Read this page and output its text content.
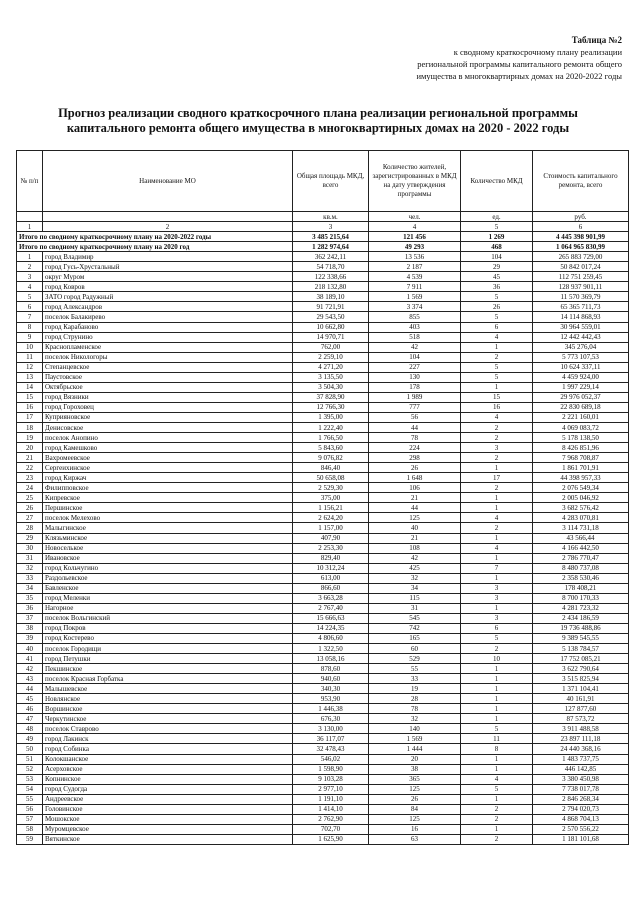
Таблица №2
к сводному краткосрочному плану реализации
региональной программы капитального ремонта общего
имущества в многоквартирных домах на 2020-2022 годы
Прогноз реализации сводного краткосрочного плана реализации региональной программы
капитального ремонта общего имущества в многоквартирных домах на 2020 - 2022 годы
№ п/п	Наименование МО	Общая площадь МКД, всего	Количество жителей, зарегистрированных в МКД на дату утверждения программы	Количество МКД	Стоимость капитального ремонта, всего
		кв.м.	чел.	ед.	руб.
1	2	3	4	5	6
Итого по сводному краткосрочному плану на 2020-2022 годы		3 485 215,64	121 456	1 269	4 445 398 901,99
Итого по сводному краткосрочному плану на 2020 год		1 282 974,64	49 293	468	1 064 965 830,99
1	город Владимир	362 242,11	13 536	104	265 883 729,00
2	город Гусь-Хрустальный	54 718,70	2 187	29	50 842 017,24
3	округ Муром	122 338,66	4 539	45	112 751 259,45
4	город Ковров	218 132,80	7 911	36	128 937 901,11
5	ЗАТО город Радужный	38 189,10	1 569	5	11 570 369,79
6	город Александров	91 721,91	3 374	26	65 365 711,73
7	поселок Балакирево	29 543,50	855	5	14 114 868,93
8	город Карабаново	10 662,80	403	6	30 964 559,01
9	город Струнино	14 970,71	518	4	12 442 442,43
10	Краснопламенское	762,00	42	1	345 276,04
11	поселок Никологоры	2 259,10	104	2	5 773 107,53
12	Степанцевское	4 271,20	227	5	10 624 337,11
13	Паустовское	3 135,50	130	5	4 459 924,00
14	Октябрьское	3 504,30	178	1	1 997 229,14
15	город Вязники	37 828,90	1 989	15	29 976 052,37
16	город Гороховец	12 766,30	777	16	22 830 689,18
17	Куприяновское	1 395,00	56	4	2 221 160,01
18	Денисовское	1 222,40	44	2	4 069 083,72
19	поселок Анопино	1 766,50	78	2	5 178 138,50
20	город Камешково	5 843,60	224	3	8 426 851,96
21	Вахромеевское	9 076,82	298	2	7 968 708,87
22	Сергеихинское	846,40	26	1	1 861 701,91
23	город Киржач	50 658,08	1 648	17	44 398 957,33
24	Филипповское	2 529,30	106	2	2 076 549,34
25	Кипревское	375,00	21	1	2 005 046,92
26	Першинское	1 156,21	44	1	3 682 576,42
27	поселок Мелехово	2 624,20	125	4	4 283 070,81
28	Малыгинское	1 157,00	40	2	3 114 731,18
29	Клязьминское	407,90	21	1	43 566,44
30	Новоселькое	2 253,30	108	4	4 166 442,50
31	Ивановское	829,40	42	1	2 786 770,47
32	город Кольчугино	10 312,24	425	7	8 480 737,08
33	Раздольевское	613,00	32	1	2 358 530,46
34	Бавленское	866,60	34	3	178 408,21
35	город Меленки	3 663,28	115	3	8 700 170,33
36	Нагорное	2 767,40	31	1	4 281 723,32
37	поселок Вольгинский	15 666,63	545	3	2 434 186,59
38	город Покров	14 224,35	742	6	19 736 488,86
39	город Костерево	4 806,60	165	5	9 389 545,55
40	поселок Городищи	1 322,50	60	2	5 138 784,57
41	город Петушки	13 058,16	529	10	17 752 085,21
42	Пекшинское	878,60	55	1	3 622 790,64
43	поселок Красная Горбатка	940,60	33	1	3 515 825,94
44	Малышевское	340,30	19	1	1 371 104,41
45	Новлянское	953,90	28	1	40 161,91
46	Воршинское	1 446,38	78	1	127 877,60
47	Черкутинское	676,30	32	1	87 573,72
48	поселок Ставрово	3 130,00	140	5	3 911 488,58
49	город Лакинск	36 117,07	1 569	11	23 897 111,18
50	город Собинка	32 478,43	1 444	8	24 440 368,16
51	Колокшанское	546,02	20	1	1 483 737,75
52	Асерховское	1 598,90	38	1	446 142,85
53	Копнинское	9 103,28	365	4	3 380 450,98
54	город Судогда	2 977,10	125	5	7 738 017,78
55	Андреевское	1 191,10	26	1	2 846 268,34
56	Головинское	1 414,10	84	2	2 794 020,73
57	Мошокское	2 762,90	125	2	4 868 704,13
58	Муромцевское	702,70	16	1	2 570 556,22
59	Вяткинское	1 625,90	63	2	1 181 101,68
